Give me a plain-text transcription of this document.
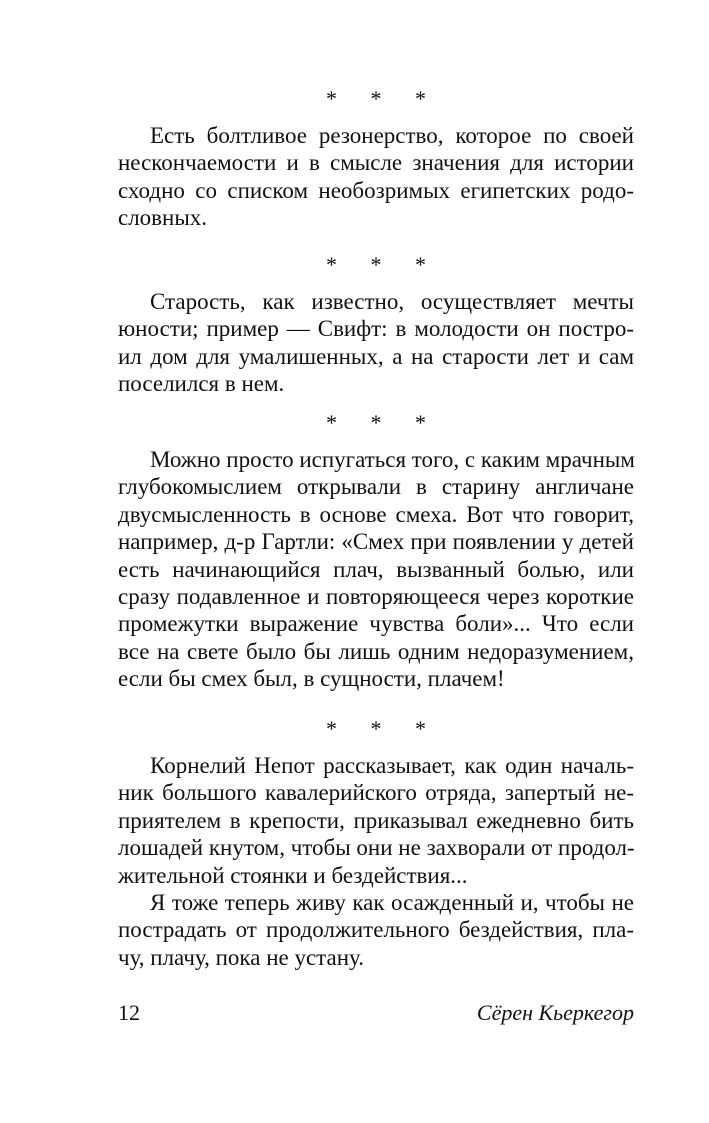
* * *
Есть болтливое резонерство, которое по своей
нескончаемости и в смысле значения для истории
сходно со списком необозримых египетских родо-
словных.
* * *
Старость, как известно, осуществляет мечты
юности; пример — Свифт: в молодости он постро-
ил дом для умалишенных, а на старости лет и сам
поселился в нем.
* * *
Можно просто испугаться того, с каким мрачным
глубокомыслием открывали в старину англичане
двусмысленность в основе смеха. Вот что говорит,
например, д-р Гартли: «Смех при появлении у детей
есть начинающийся плач, вызванный болью, или
сразу подавленное и повторяющееся через короткие
промежутки выражение чувства боли»... Что если
все на свете было бы лишь одним недоразумением,
если бы смех был, в сущности, плачем!
* * *
Корнелий Непот рассказывает, как один началь-
ник большого кавалерийского отряда, запертый не-
приятелем в крепости, приказывал ежедневно бить
лошадей кнутом, чтобы они не захворали от продол-
жительной стоянки и бездействия...
Я тоже теперь живу как осажденный и, чтобы не
пострадать от продолжительного бездействия, пла-
чу, плачу, пока не устану.
12	Сёрен Кьеркегор
